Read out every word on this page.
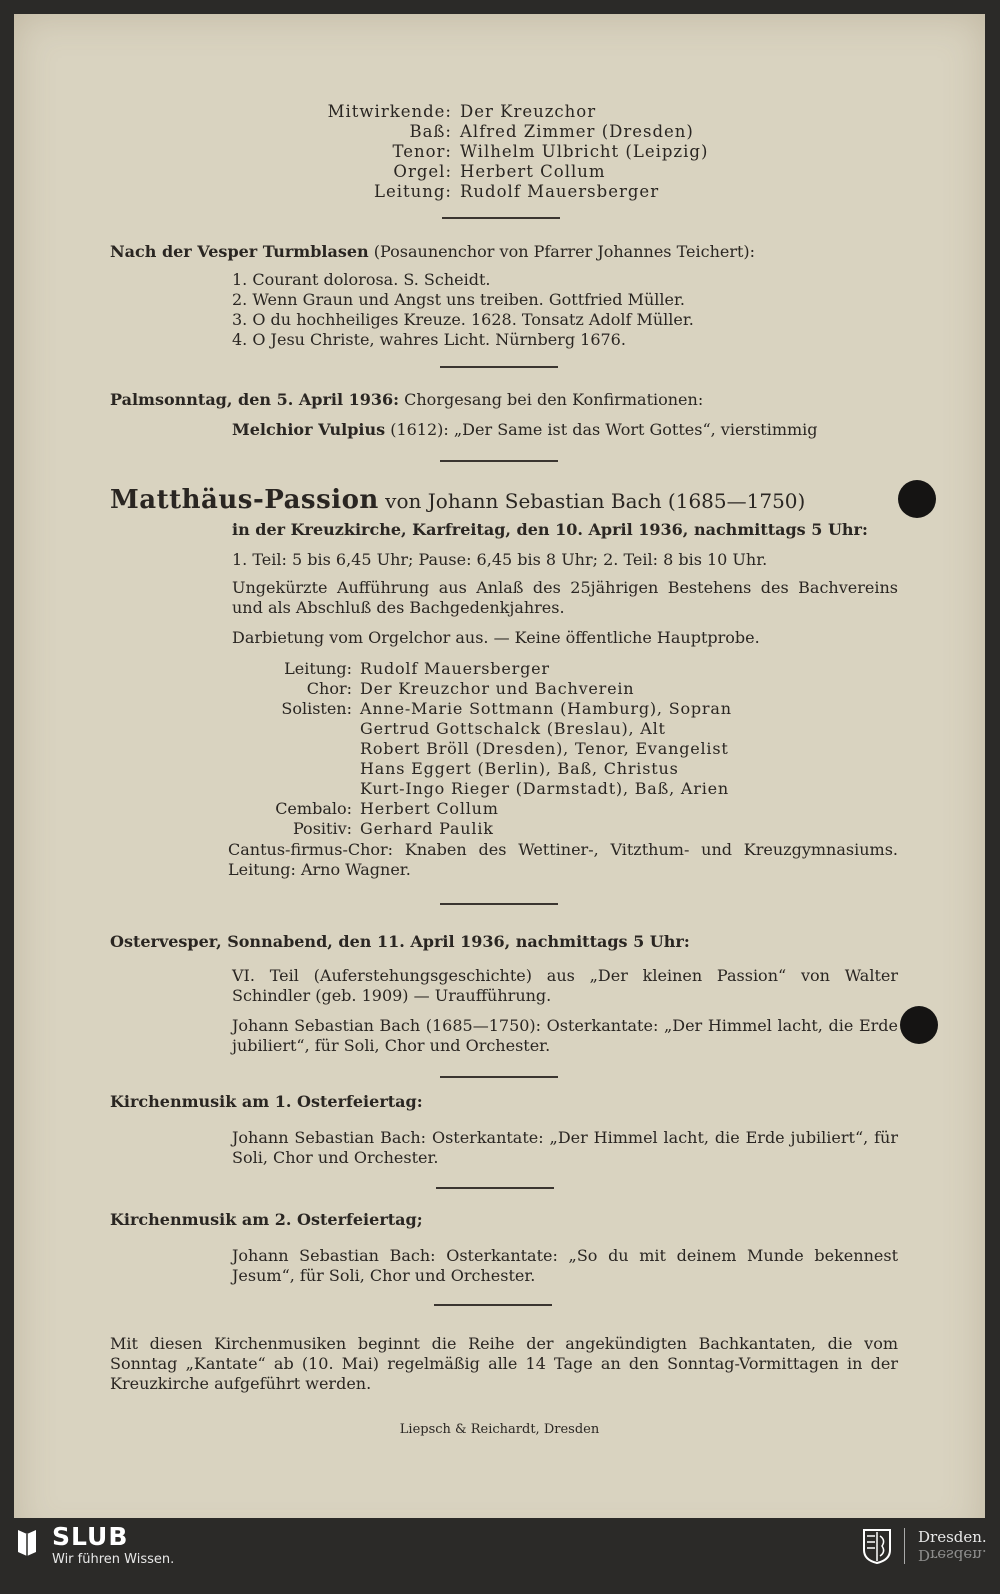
Mitwirkende: Der Kreuzchor
Baß: Alfred Zimmer (Dresden)
Tenor: Wilhelm Ulbricht (Leipzig)
Orgel: Herbert Collum
Leitung: Rudolf Mauersberger
Nach der Vesper Turmblasen (Posaunenchor von Pfarrer Johannes Teichert):
1. Courant dolorosa. S. Scheidt.
2. Wenn Graun und Angst uns treiben. Gottfried Müller.
3. O du hochheiliges Kreuze. 1628. Tonsatz Adolf Müller.
4. O Jesu Christe, wahres Licht. Nürnberg 1676.
Palmsonntag, den 5. April 1936: Chorgesang bei den Konfirmationen:
Melchior Vulpius (1612): „Der Same ist das Wort Gottes“, vierstimmig
Matthäus-Passion von Johann Sebastian Bach (1685—1750)
in der Kreuzkirche, Karfreitag, den 10. April 1936, nachmittags 5 Uhr:
1. Teil: 5 bis 6,45 Uhr; Pause: 6,45 bis 8 Uhr; 2. Teil: 8 bis 10 Uhr.
Ungekürzte Aufführung aus Anlaß des 25jährigen Bestehens des Bachvereins und als Abschluß des Bachgedenkjahres.
Darbietung vom Orgelchor aus. — Keine öffentliche Hauptprobe.
Leitung: Rudolf Mauersberger
Chor: Der Kreuzchor und Bachverein
Solisten: Anne-Marie Sottmann (Hamburg), Sopran
Gertrud Gottschalck (Breslau), Alt
Robert Bröll (Dresden), Tenor, Evangelist
Hans Eggert (Berlin), Baß, Christus
Kurt-Ingo Rieger (Darmstadt), Baß, Arien
Cembalo: Herbert Collum
Positiv: Gerhard Paulik
Cantus-firmus-Chor: Knaben des Wettiner-, Vitzthum- und Kreuzgymnasiums. Leitung: Arno Wagner.
Ostervesper, Sonnabend, den 11. April 1936, nachmittags 5 Uhr:
VI. Teil (Auferstehungsgeschichte) aus „Der kleinen Passion“ von Walter Schindler (geb. 1909) — Uraufführung.
Johann Sebastian Bach (1685—1750): Osterkantate: „Der Himmel lacht, die Erde jubiliert“, für Soli, Chor und Orchester.
Kirchenmusik am 1. Osterfeiertag:
Johann Sebastian Bach: Osterkantate: „Der Himmel lacht, die Erde jubiliert“, für Soli, Chor und Orchester.
Kirchenmusik am 2. Osterfeiertag;
Johann Sebastian Bach: Osterkantate: „So du mit deinem Munde bekennest Jesum“, für Soli, Chor und Orchester.
Mit diesen Kirchenmusiken beginnt die Reihe der angekündigten Bachkantaten, die vom Sonntag „Kantate“ ab (10. Mai) regelmäßig alle 14 Tage an den Sonntag-Vormittagen in der Kreuzkirche aufgeführt werden.
Liepsch & Reichardt, Dresden
SLUB
Wir führen Wissen.
Dresden.
Dresden.
